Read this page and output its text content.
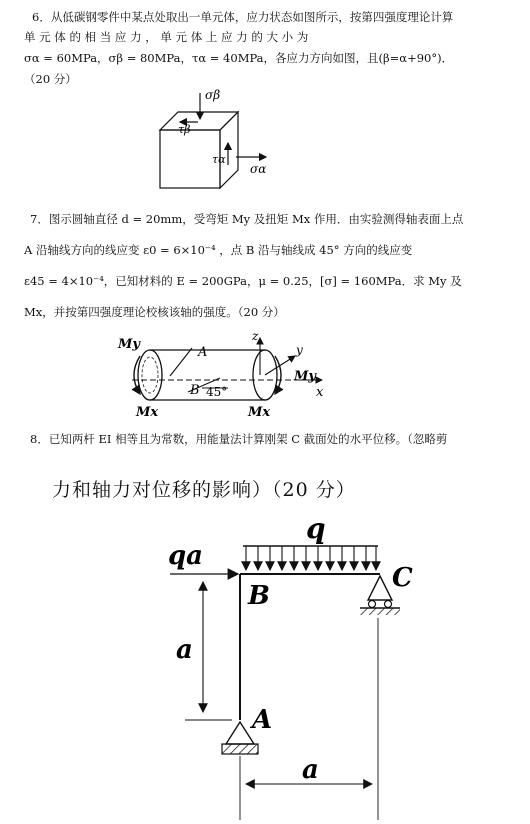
6．从低碳钢零件中某点处取出一单元体，应力状态如图所示，按第四强度理论计算
单 元 体 的 相 当 应 力 ， 单 元 体 上 应 力 的 大 小 为
σα = 60MPa，σβ = 80MPa，τα = 40MPa，各应力方向如图，且(β=α+90°)．
（20 分）
σβ
τβ
τα
σα
7．图示圆轴直径 d = 20mm，受弯矩 My 及扭矩 Mx 作用．由实验测得轴表面上点
A 沿轴线方向的线应变 ε0 = 6×10⁻⁴ ，点 B 沿与轴线成 45° 方向的线应变
ε45 = 4×10⁻⁴，已知材料的 E = 200GPa，μ = 0.25，[σ] = 160MPa．求 My 及
Mx，并按第四强度理论校核该轴的强度。（20 分）
My
Mx	Mx
My
A
B 45°
z
y
x
8．已知两杆 EI 相等且为常数，用能量法计算刚架 C 截面处的水平位移。（忽略剪
力和轴力对位移的影响）（20 分）
q
qa
B
C
A
a
a
